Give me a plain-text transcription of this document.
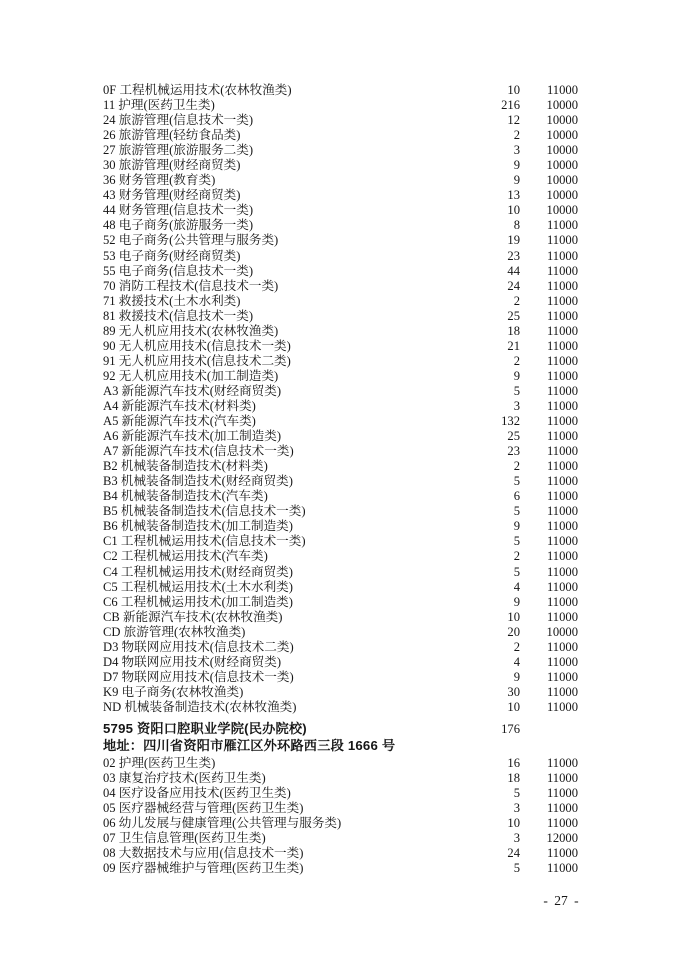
0F 工程机械运用技术(农林牧渔类)	10	11000
11 护理(医药卫生类)	216	10000
24 旅游管理(信息技术一类)	12	10000
26 旅游管理(轻纺食品类)	2	10000
27 旅游管理(旅游服务二类)	3	10000
30 旅游管理(财经商贸类)	9	10000
36 财务管理(教育类)	9	10000
43 财务管理(财经商贸类)	13	10000
44 财务管理(信息技术一类)	10	10000
48 电子商务(旅游服务一类)	8	11000
52 电子商务(公共管理与服务类)	19	11000
53 电子商务(财经商贸类)	23	11000
55 电子商务(信息技术一类)	44	11000
70 消防工程技术(信息技术一类)	24	11000
71 救援技术(土木水利类)	2	11000
81 救援技术(信息技术一类)	25	11000
89 无人机应用技术(农林牧渔类)	18	11000
90 无人机应用技术(信息技术一类)	21	11000
91 无人机应用技术(信息技术二类)	2	11000
92 无人机应用技术(加工制造类)	9	11000
A3 新能源汽车技术(财经商贸类)	5	11000
A4 新能源汽车技术(材料类)	3	11000
A5 新能源汽车技术(汽车类)	132	11000
A6 新能源汽车技术(加工制造类)	25	11000
A7 新能源汽车技术(信息技术一类)	23	11000
B2 机械装备制造技术(材料类)	2	11000
B3 机械装备制造技术(财经商贸类)	5	11000
B4 机械装备制造技术(汽车类)	6	11000
B5 机械装备制造技术(信息技术一类)	5	11000
B6 机械装备制造技术(加工制造类)	9	11000
C1 工程机械运用技术(信息技术一类)	5	11000
C2 工程机械运用技术(汽车类)	2	11000
C4 工程机械运用技术(财经商贸类)	5	11000
C5 工程机械运用技术(土木水利类)	4	11000
C6 工程机械运用技术(加工制造类)	9	11000
CB 新能源汽车技术(农林牧渔类)	10	11000
CD 旅游管理(农林牧渔类)	20	10000
D3 物联网应用技术(信息技术二类)	2	11000
D4 物联网应用技术(财经商贸类)	4	11000
D7 物联网应用技术(信息技术一类)	9	11000
K9 电子商务(农林牧渔类)	30	11000
ND 机械装备制造技术(农林牧渔类)	10	11000
5795 资阳口腔职业学院(民办院校)	176
地址：四川省资阳市雁江区外环路西三段 1666 号
02 护理(医药卫生类)	16	11000
03 康复治疗技术(医药卫生类)	18	11000
04 医疗设备应用技术(医药卫生类)	5	11000
05 医疗器械经营与管理(医药卫生类)	3	11000
06 幼儿发展与健康管理(公共管理与服务类)	10	11000
07 卫生信息管理(医药卫生类)	3	12000
08 大数据技术与应用(信息技术一类)	24	11000
09 医疗器械维护与管理(医药卫生类)	5	11000
- 27 -
